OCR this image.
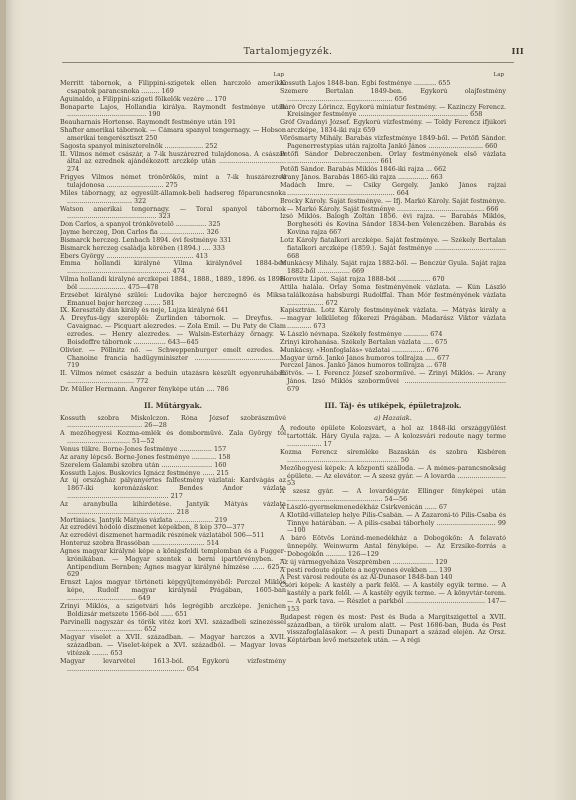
Tartalomjegyzék.	III
Lap
Merritt tábornok, a Filippini-szigetek ellen harczoló amerikai csapatok parancsnoka ......... 169
Aguinaldo, a Filippini-szigeti fölkelők vezére ... 170
Bonaparte Lajos, Hollandia királya. Raymondt festménye után ....................................... 190
Beauharnais Hortense. Raymondt festménye után 191
Shafter amerikai tábornok. — Cámara spanyol tengernagy. — Hobson amerikai tengerésztiszt 250
Sagosta spanyol miniszterelnök ................... 252
II. Vilmos német császár, a 7-ik huszárezred tulajdonosa. A császár által az ezrednek ajándékozott arczkép után ................................. 274
Frigyes Vilmos német trónörökös, mint a 7-ik huszárezred tulajdonosa ............................ 275
Miles tábornagy, az egyesült-államok-beli hadsereg főparancsnoka ................................ 322
Watson amerikai tengernagy. — Toral spanyol tábornok ............................................ 323
Don Carlos, a spanyol trónkövetelő ............... 325
Jayme herczeg, Don Carlos fia ...................... 326
Bismarck herczeg. Lenbach 1894. évi festménye 331
Bismarck herczeg családja körében (1894.) .... 333
Ebers György ........................................... 413
Emma hollandi királyné Vilma királynővel 1884-ben ................................................... 474
Vilma hollandi királyné arczképei 1884., 1888., 1889., 1896. és 1898-ból ....................... 475—478
Erzsébet királyné szülei: Ludovika bajor herczegnő és Miksa Emanuel bajor herczeg ........ 581
IX. Keresztély dán király és neje, Lujza királyné 641
A Dreyfus-ügy szereplői: Zurlinden tábornok. — Dreyfus. — Cavaignac. — Picquart alezredes. — Zola Emil. — Du Paty de Clam ezredes. — Henry alezredes. — Walsin-Esterházy őrnagy. — Boisdeffre tábornok ................ 643—645
Olivier. — Pöllnitz nő. — Schweppenburger emelt ezredes. — Chanoine francia hadügyminiszter ............................................. 719
II. Vilmos német császár a beduin utazásra készült egyenruhában ................................. 772
Dr. Müller Hermann. Angerer fényképe után .... 786
II. Műtárgyak.
Kossuth szobra Miskolczon. Róna József szobrászművé ..................................... 26—28
A mezőhegyesi Kozma-emlék és domborművé. Zala György tól ............................... 51—52
Venus tükre. Borne-Jones festménye ................ 157
Az arany lépcső. Borne-Jones festménye ............ 158
Szerelem Galambi szobra után ......................... 160
Kossuth Lajos. Buskovics Ignácz festménye ...... 215
Az új országház pályanyertes falfestmény vázlatai: Kardvágás az 1867-iki koronázáskor. Bendes Andor vázlata .................................................. 217
Az aranybulla kihirdetése. Jantyik Mátyás vázlata ..................................................... 218
Mortiniacs. Jantyik Mátyás vázlata ................... 219
Az ezredévi hódoló diszmenet képekben, 8 kép 370—377
Az ezredévi diszmenet harmadik részének vázlatából 506—511
Honteruz szobra Brassóban .......................... 514
Ágnes magyar királyné képe a königsfeldi templomban és a Fugger-krónikában. — Magyar szentek a berni ipartörvényben. — Antipendium Bernben; Ágnes magyar királyné hímzése ...... 625—629
Ernszt Lajos magyar történeti képgyűjteményéből: Perczel Miklós képe, Rudolf magyar királynál Prágában, 1605-ban .................................. 649
Zrinyi Miklós, a szigetvári hős legrégibb arczképe. Jenichen Boldizsár metszete 1566-ból ...... 651
Parvinelli nagyszár és török vitéz kori XVI. századbeli színezéssel ..................................... 652
Magyar viselet a XVII. században. — Magyar harczos a XVII. században. — Viselet-képek a XVI. századból. — Magyar lovas vitézek ........ 653
Magyar levarvétel 1613-ból. Egykorú vízfestmény .......................................................... 654
Lap
Kossuth Lajos 1848-ban. Egbi festménye ........... 655
Szemere Bertalan 1849-ben. Egykorú olajfestmény .................................................... 656
Báró Orczy Lőrincz. Egykorú miniatur festmény. — Kazinczy Ferencz. Kreisinger festménye ...................................................... 658
Gróf Gvadányi József. Egykorú vízfestmény. — Toldy Ferencz ifjúkori arczképe, 1834-iki rajz 659
Vörösmarty Mihály. Barabás vízfestménye 1849-ből. — Petőfi Sándor. Pagenerrestypias után rajzolta Jankó János ........................... 660
Petőfi Sándor Debreczenben. Orlay festményének első vázlata ............................................. 661
Petőfi Sándor. Barabás Miklós 1846-iki rajza ... 662
Arany János. Barabás 1865-iki rajza ............... 663
Madách Imre. — Csiky Gergely. Jankó János rajzai ..................................................... 664
Brocky Károly. Saját festménye. — Ifj. Markó Károly. Saját festménye. — Markó Károly. Saját festménye ........................................... 666
Izsó Miklós. Balogh Zoltán 1856. évi rajza. — Barabás Miklós, Borghesóti és Kovina Sándor 1834-ben Velenczében. Barabás és Kovina rajza 667
Lotz Károly fiatalkori arczképe. Saját festménye. — Székely Bertalan fiatalkori arczképe (1859.). Saját festménye ................................... 668
Munkácsy Mihály. Saját rajza 1882-ből. — Benczúr Gyula. Saját rajza 1882-ből ................ 669
Horovitz Lipót. Saját rajza 1888-ból ................ 670
Attila halála. Orlay Soma festményének vázlata. — Kún László találkozása habsburgi Rudolffal. Than Mór festményének vázlata .................. 672
Kapisztrán. Lotz Károly festményének vázlata. — Mátyás király a magyar lelkületeg főkerezi Prágában. Madarász Viktor vázlata ............ 673
V. László névnapa. Székely festménye ............ 674
Zrinyi kirohanása. Székely Bertalan vázlata ..... 675
Munkácsy. «Honfoglalás» vázlatai ................ 676
Magyar úrnő. Jankó János humoros tollrajza ..... 677
Perczel János. Jankó János humoros tollrajza ... 678
Eötvös. — I. Ferencz József szoborművé. — Zrinyi Miklós. — Arany János. Izsó Miklós szoborművei .................................................. 679
III. Táj- és utiképek, épületrajzok.
a) Hazaiak.
A redoute épülete Kolozsvárt, a hol az 1848-iki országgyűlést tartották. Háry Gyula rajza. — A kolozsvári redoute nagy terme ................. 17
Kozma Ferencz síremléke Bazaskán és szobra Kisbéren ....................................................... 50
Mezőhegyesi képek: A központi szálloda. — A ménes-parancsnokság épülete. — Az elevátor. — A szesz gyár. — A lovarda ........................ 53
A szesz gyár. — A lovardégyár. Ellinger fényképei után ............................................... 54—56
A László-gyermekmenedékház Csirkvenicán ...... 67
A Klotild-villatelep helye Pilis-Csabán. — A Zazaroni-tó Pilis-Csaba és Tinnye határában. — A pilis-csabai táborhely ............................. 99—100
A báró Eötvös Loránd-menedékház a Dobogókőn: A felavató ünnepély. Weinwurm Antal fényképe. — Az Erzsike-forrás a Dobogókőn .......... 126—129
Az új vármegyeháza Veszprémben .................... 129
A pesti redoute épülete a negyvenes években .... 139
A Pest városi redoute és az Al-Dunasor 1848-ban 140
Csóri képek: A kastély a park felől. — A kastély egyik terme. — A kastély a park felől. — A kastély egyik terme. — A könyvtár-terem. — A park tava. — Részlet a parkból ....................................... 147—153
Budapest régen és most: Pest és Buda a Margitszigettel a XVII. században, a török uralom alatt. — Pest 1686-ban, Buda és Pest visszafoglalásakor. — A pesti Dunapart a század elején. Az Orsz. Képtárban levő metszetek után. — A régi
